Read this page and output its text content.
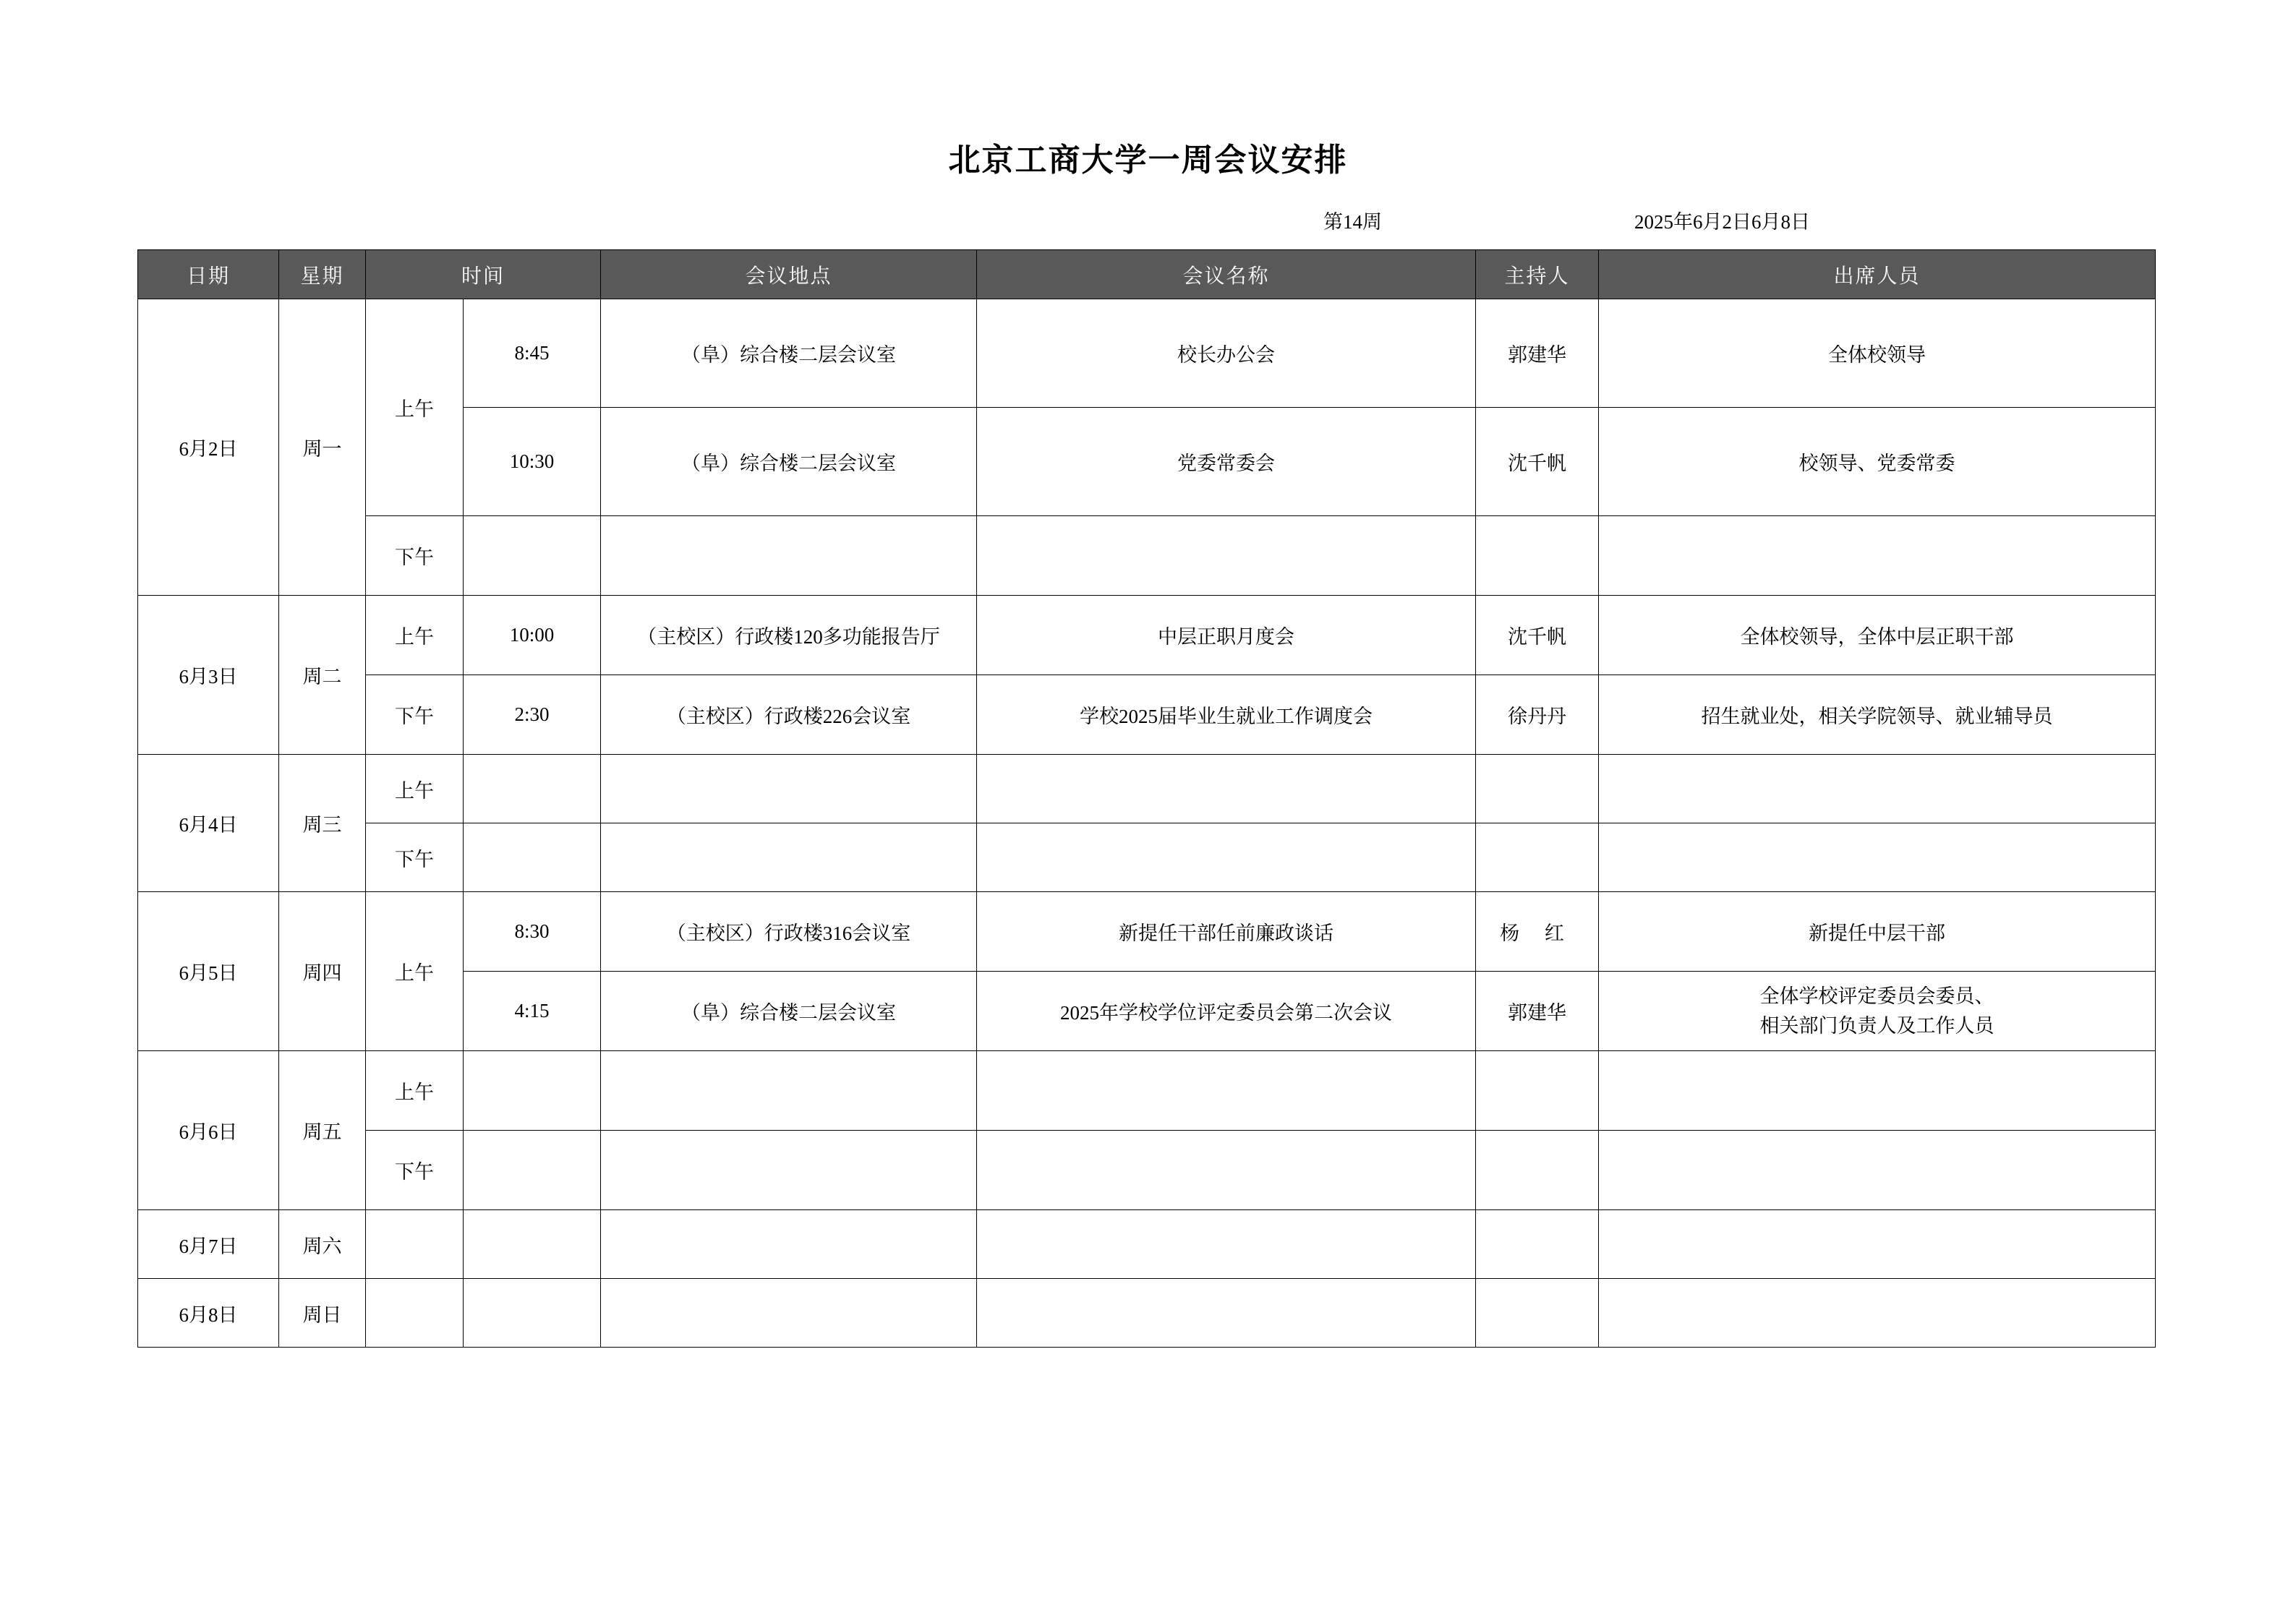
北京工商大学一周会议安排
第14周	2025年6月2日6月8日
日期	星期	时间		会议地点	会议名称	主持人	出席人员
6月2日	周一	上午	8:45	（阜）综合楼二层会议室	校长办公会	郭建华	全体校领导
			10:30	（阜）综合楼二层会议室	党委常委会	沈千帆	校领导、党委常委
		下午					
6月3日	周二	上午	10:00	（主校区）行政楼120多功能报告厅	中层正职月度会	沈千帆	全体校领导，全体中层正职干部
		下午	2:30	（主校区）行政楼226会议室	学校2025届毕业生就业工作调度会	徐丹丹	招生就业处，相关学院领导、就业辅导员
6月4日	周三	上午					
		下午					
6月5日	周四	上午	8:30	（主校区）行政楼316会议室	新提任干部任前廉政谈话	杨 红	新提任中层干部
			4:15	（阜）综合楼二层会议室	2025年学校学位评定委员会第二次会议	郭建华	全体学校评定委员会委员、
相关部门负责人及工作人员

6月6日	周五	上午					
		下午					
6月7日	周六						
6月8日	周日						
